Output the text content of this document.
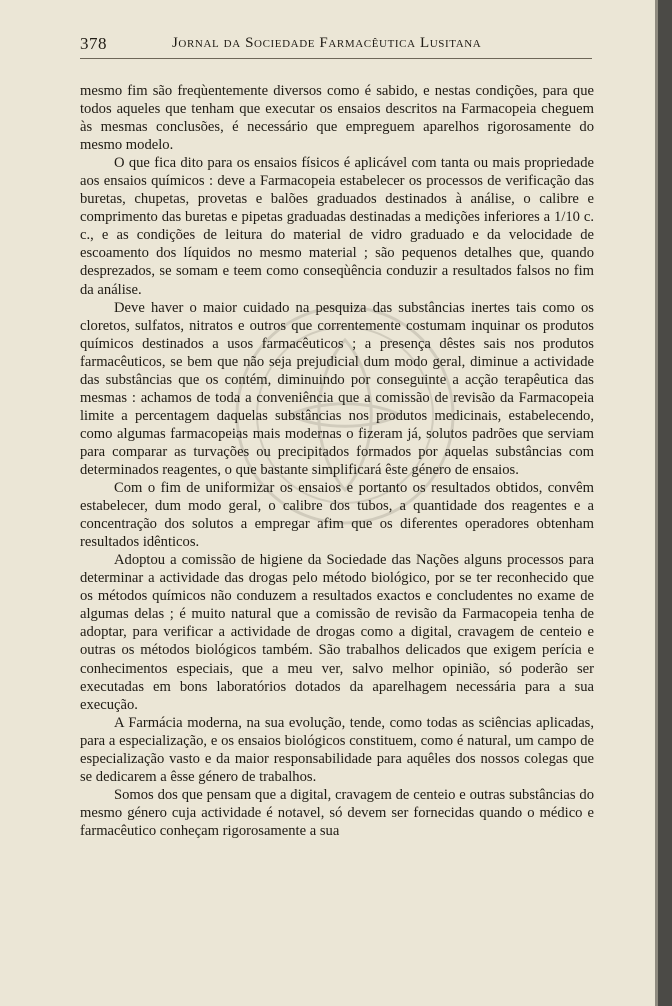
378	Jornal da Sociedade Farmacêutica Lusitana

mesmo fim são freqùentemente diversos como é sabido, e nestas condições, para que todos aqueles que tenham que executar os ensaios descritos na Farmacopeia cheguem às mesmas conclusões, é necessário que empreguem aparelhos rigorosamente do mesmo modelo.

O que fica dito para os ensaios físicos é aplicável com tanta ou mais propriedade aos ensaios químicos : deve a Farmacopeia estabelecer os processos de verificação das buretas, chupetas, provetas e balões graduados destinados à análise, o calibre e comprimento das buretas e pipetas graduadas destinadas a medições inferiores a 1/10 c. c., e as condições de leitura do material de vidro graduado e da velocidade de escoamento dos líquidos no mesmo material ; são pequenos detalhes que, quando desprezados, se somam e teem como conseqùência conduzir a resultados falsos no fim da análise.

Deve haver o maior cuidado na pesquiza das substâncias inertes tais como os cloretos, sulfatos, nitratos e outros que correntemente costumam inquinar os produtos químicos destinados a usos farmacêuticos ; a presença dêstes sais nos produtos farmacêuticos, se bem que não seja prejudicial dum modo geral, diminue a actividade das substâncias que os contém, diminuindo por conseguinte a acção terapêutica das mesmas : achamos de toda a conveniência que a comissão de revisão da Farmacopeia limite a percentagem daquelas substâncias nos produtos medicinais, estabelecendo, como algumas farmacopeias mais modernas o fizeram já, solutos padrões que serviam para comparar as turvações ou precipitados formados por aquelas substâncias com determinados reagentes, o que bastante simplificará êste género de ensaios.

Com o fim de uniformizar os ensaios e portanto os resultados obtidos, convêm estabelecer, dum modo geral, o calibre dos tubos, a quantidade dos reagentes e a concentração dos solutos a empregar afim que os diferentes operadores obtenham resultados idênticos.

Adoptou a comissão de higiene da Sociedade das Nações alguns processos para determinar a actividade das drogas pelo método biológico, por se ter reconhecido que os métodos químicos não conduzem a resultados exactos e concludentes no exame de algumas delas ; é muito natural que a comissão de revisão da Farmacopeia tenha de adoptar, para verificar a actividade de drogas como a digital, cravagem de centeio e outras os métodos biológicos também. São trabalhos delicados que exigem perícia e conhecimentos especiais, que a meu ver, salvo melhor opinião, só poderão ser executadas em bons laboratórios dotados da aparelhagem necessária para a sua execução.

A Farmácia moderna, na sua evolução, tende, como todas as sciências aplicadas, para a especialização, e os ensaios biológicos constituem, como é natural, um campo de especialização vasto e da maior responsabilidade para aquêles dos nossos colegas que se dedicarem a êsse género de trabalhos.

Somos dos que pensam que a digital, cravagem de centeio e outras substâncias do mesmo género cuja actividade é notavel, só devem ser fornecidas quando o médico e farmacêutico conheçam rigorosamente a sua
